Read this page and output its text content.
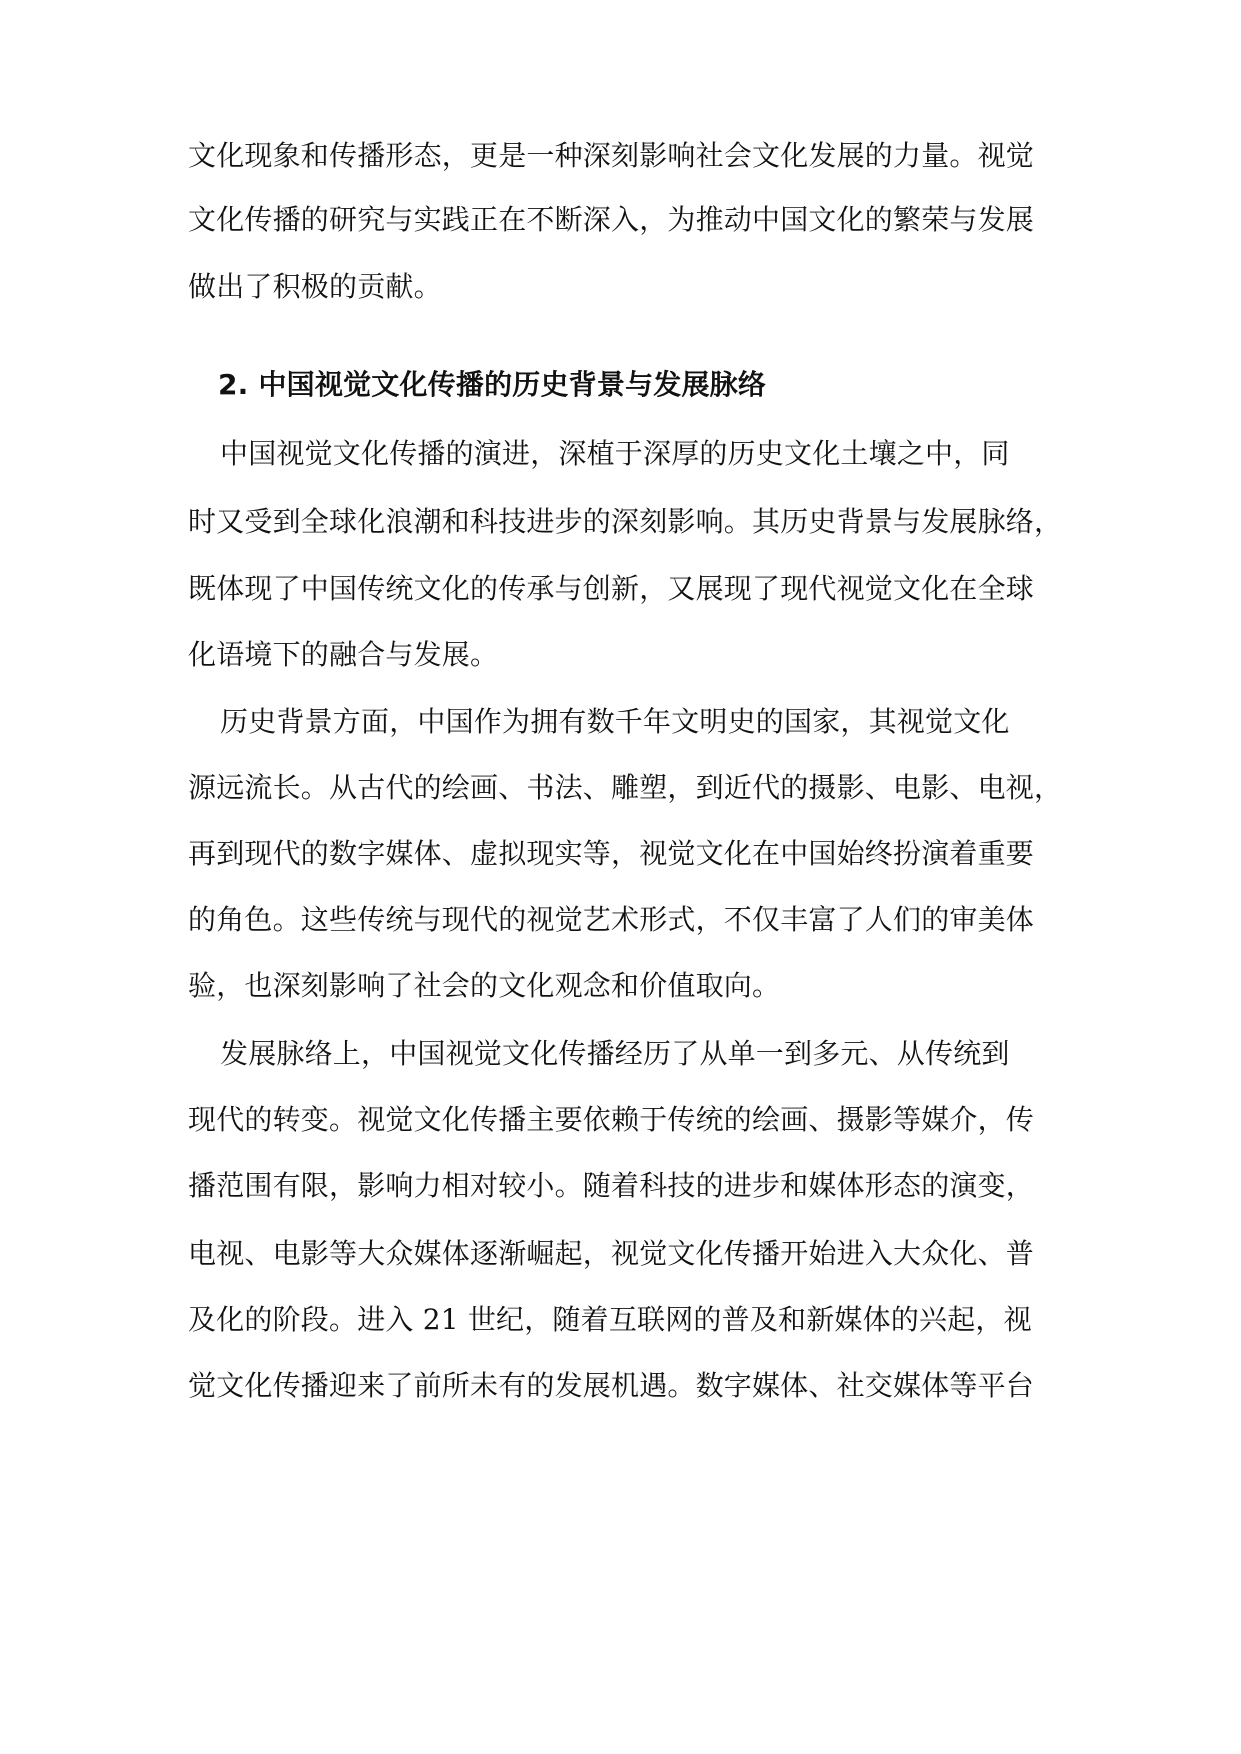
文化现象和传播形态，更是一种深刻影响社会文化发展的力量。视觉
文化传播的研究与实践正在不断深入，为推动中国文化的繁荣与发展
做出了积极的贡献。
2. 中国视觉文化传播的历史背景与发展脉络
中国视觉文化传播的演进，深植于深厚的历史文化土壤之中，同
时又受到全球化浪潮和科技进步的深刻影响。其历史背景与发展脉络，
既体现了中国传统文化的传承与创新，又展现了现代视觉文化在全球
化语境下的融合与发展。
历史背景方面，中国作为拥有数千年文明史的国家，其视觉文化
源远流长。从古代的绘画、书法、雕塑，到近代的摄影、电影、电视，
再到现代的数字媒体、虚拟现实等，视觉文化在中国始终扮演着重要
的角色。这些传统与现代的视觉艺术形式，不仅丰富了人们的审美体
验，也深刻影响了社会的文化观念和价值取向。
发展脉络上，中国视觉文化传播经历了从单一到多元、从传统到
现代的转变。视觉文化传播主要依赖于传统的绘画、摄影等媒介，传
播范围有限，影响力相对较小。随着科技的进步和媒体形态的演变，
电视、电影等大众媒体逐渐崛起，视觉文化传播开始进入大众化、普
及化的阶段。进入 21 世纪，随着互联网的普及和新媒体的兴起，视
觉文化传播迎来了前所未有的发展机遇。数字媒体、社交媒体等平台
